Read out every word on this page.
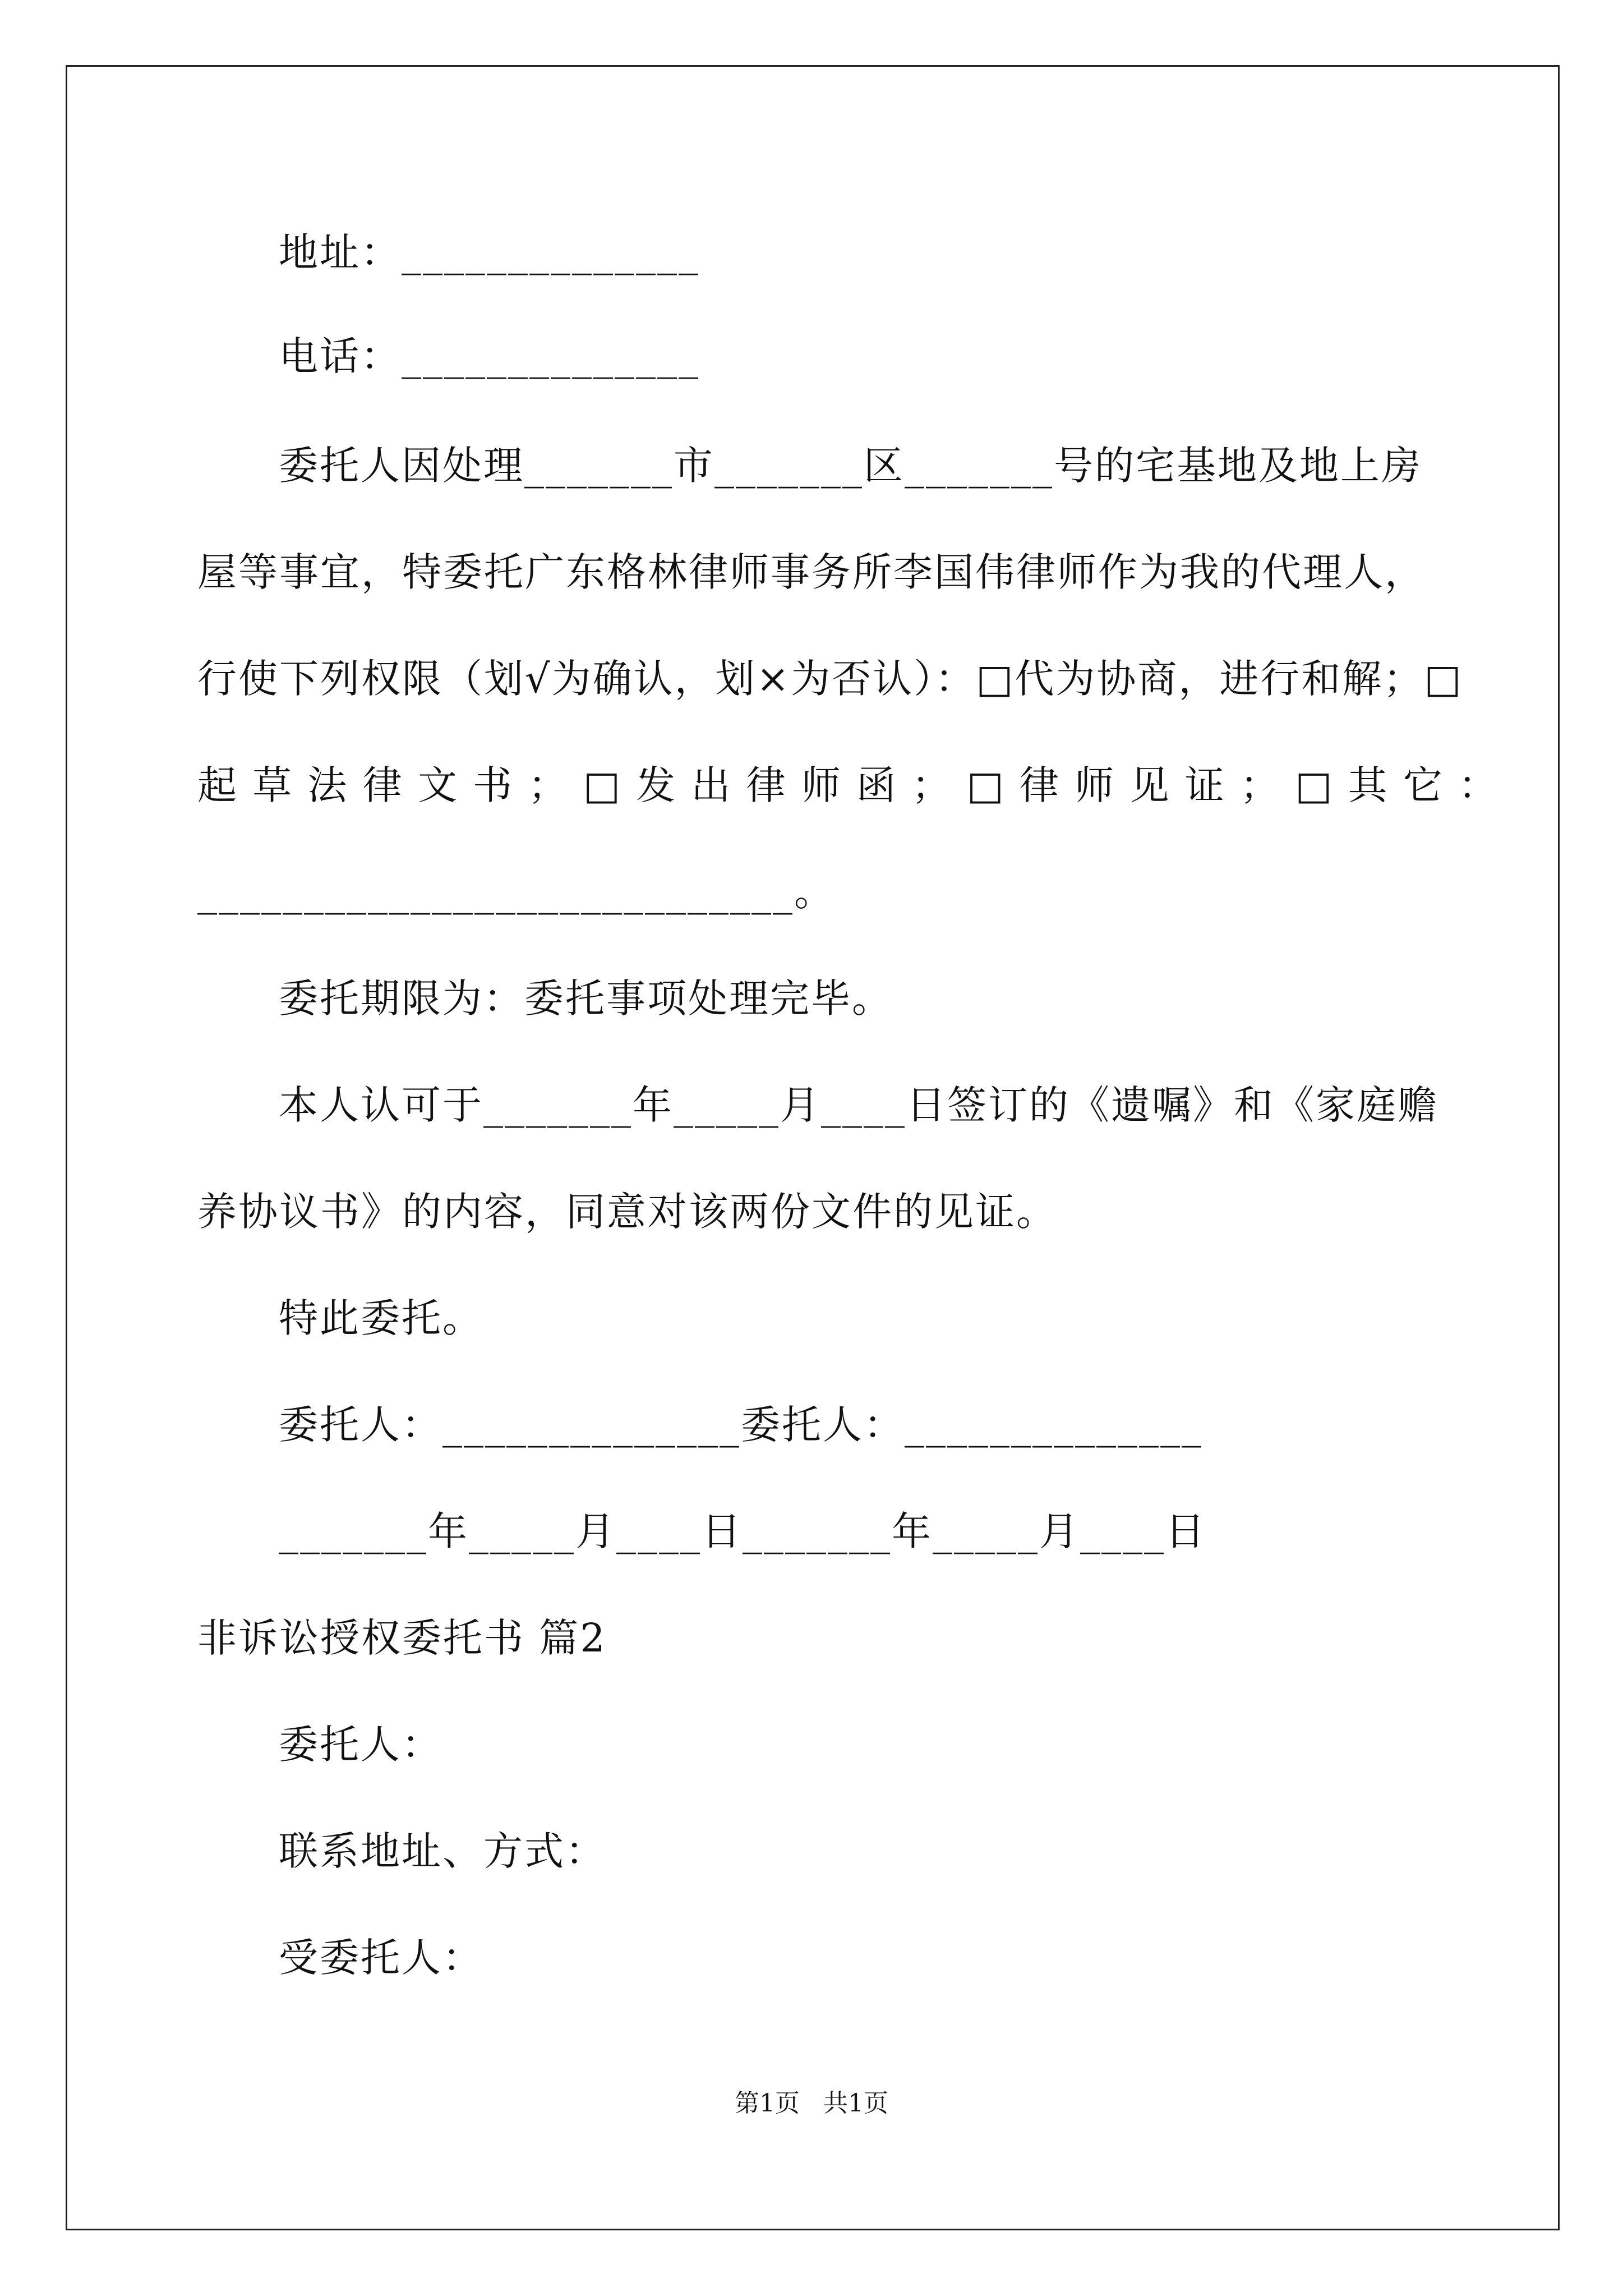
地址：______________
电话：______________
委托人因处理_______市_______区_______号的宅基地及地上房
屋等事宜，特委托广东格林律师事务所李国伟律师作为我的代理人，
行使下列权限（划√为确认，划×为否认）：□代为协商，进行和解；□
起 草 法 律 文 书 ； □ 发 出 律 师 函 ； □ 律 师 见 证 ； □ 其 它 ：
____________________________。
委托期限为：委托事项处理完毕。
本人认可于_______年_____月____日签订的《遗嘱》和《家庭赡
养协议书》的内容，同意对该两份文件的见证。
特此委托。
委托人：______________委托人：______________
_______年_____月____日_______年_____月____日
非诉讼授权委托书 篇2
委托人：
联系地址、方式：
受委托人：
第1页   共1页
